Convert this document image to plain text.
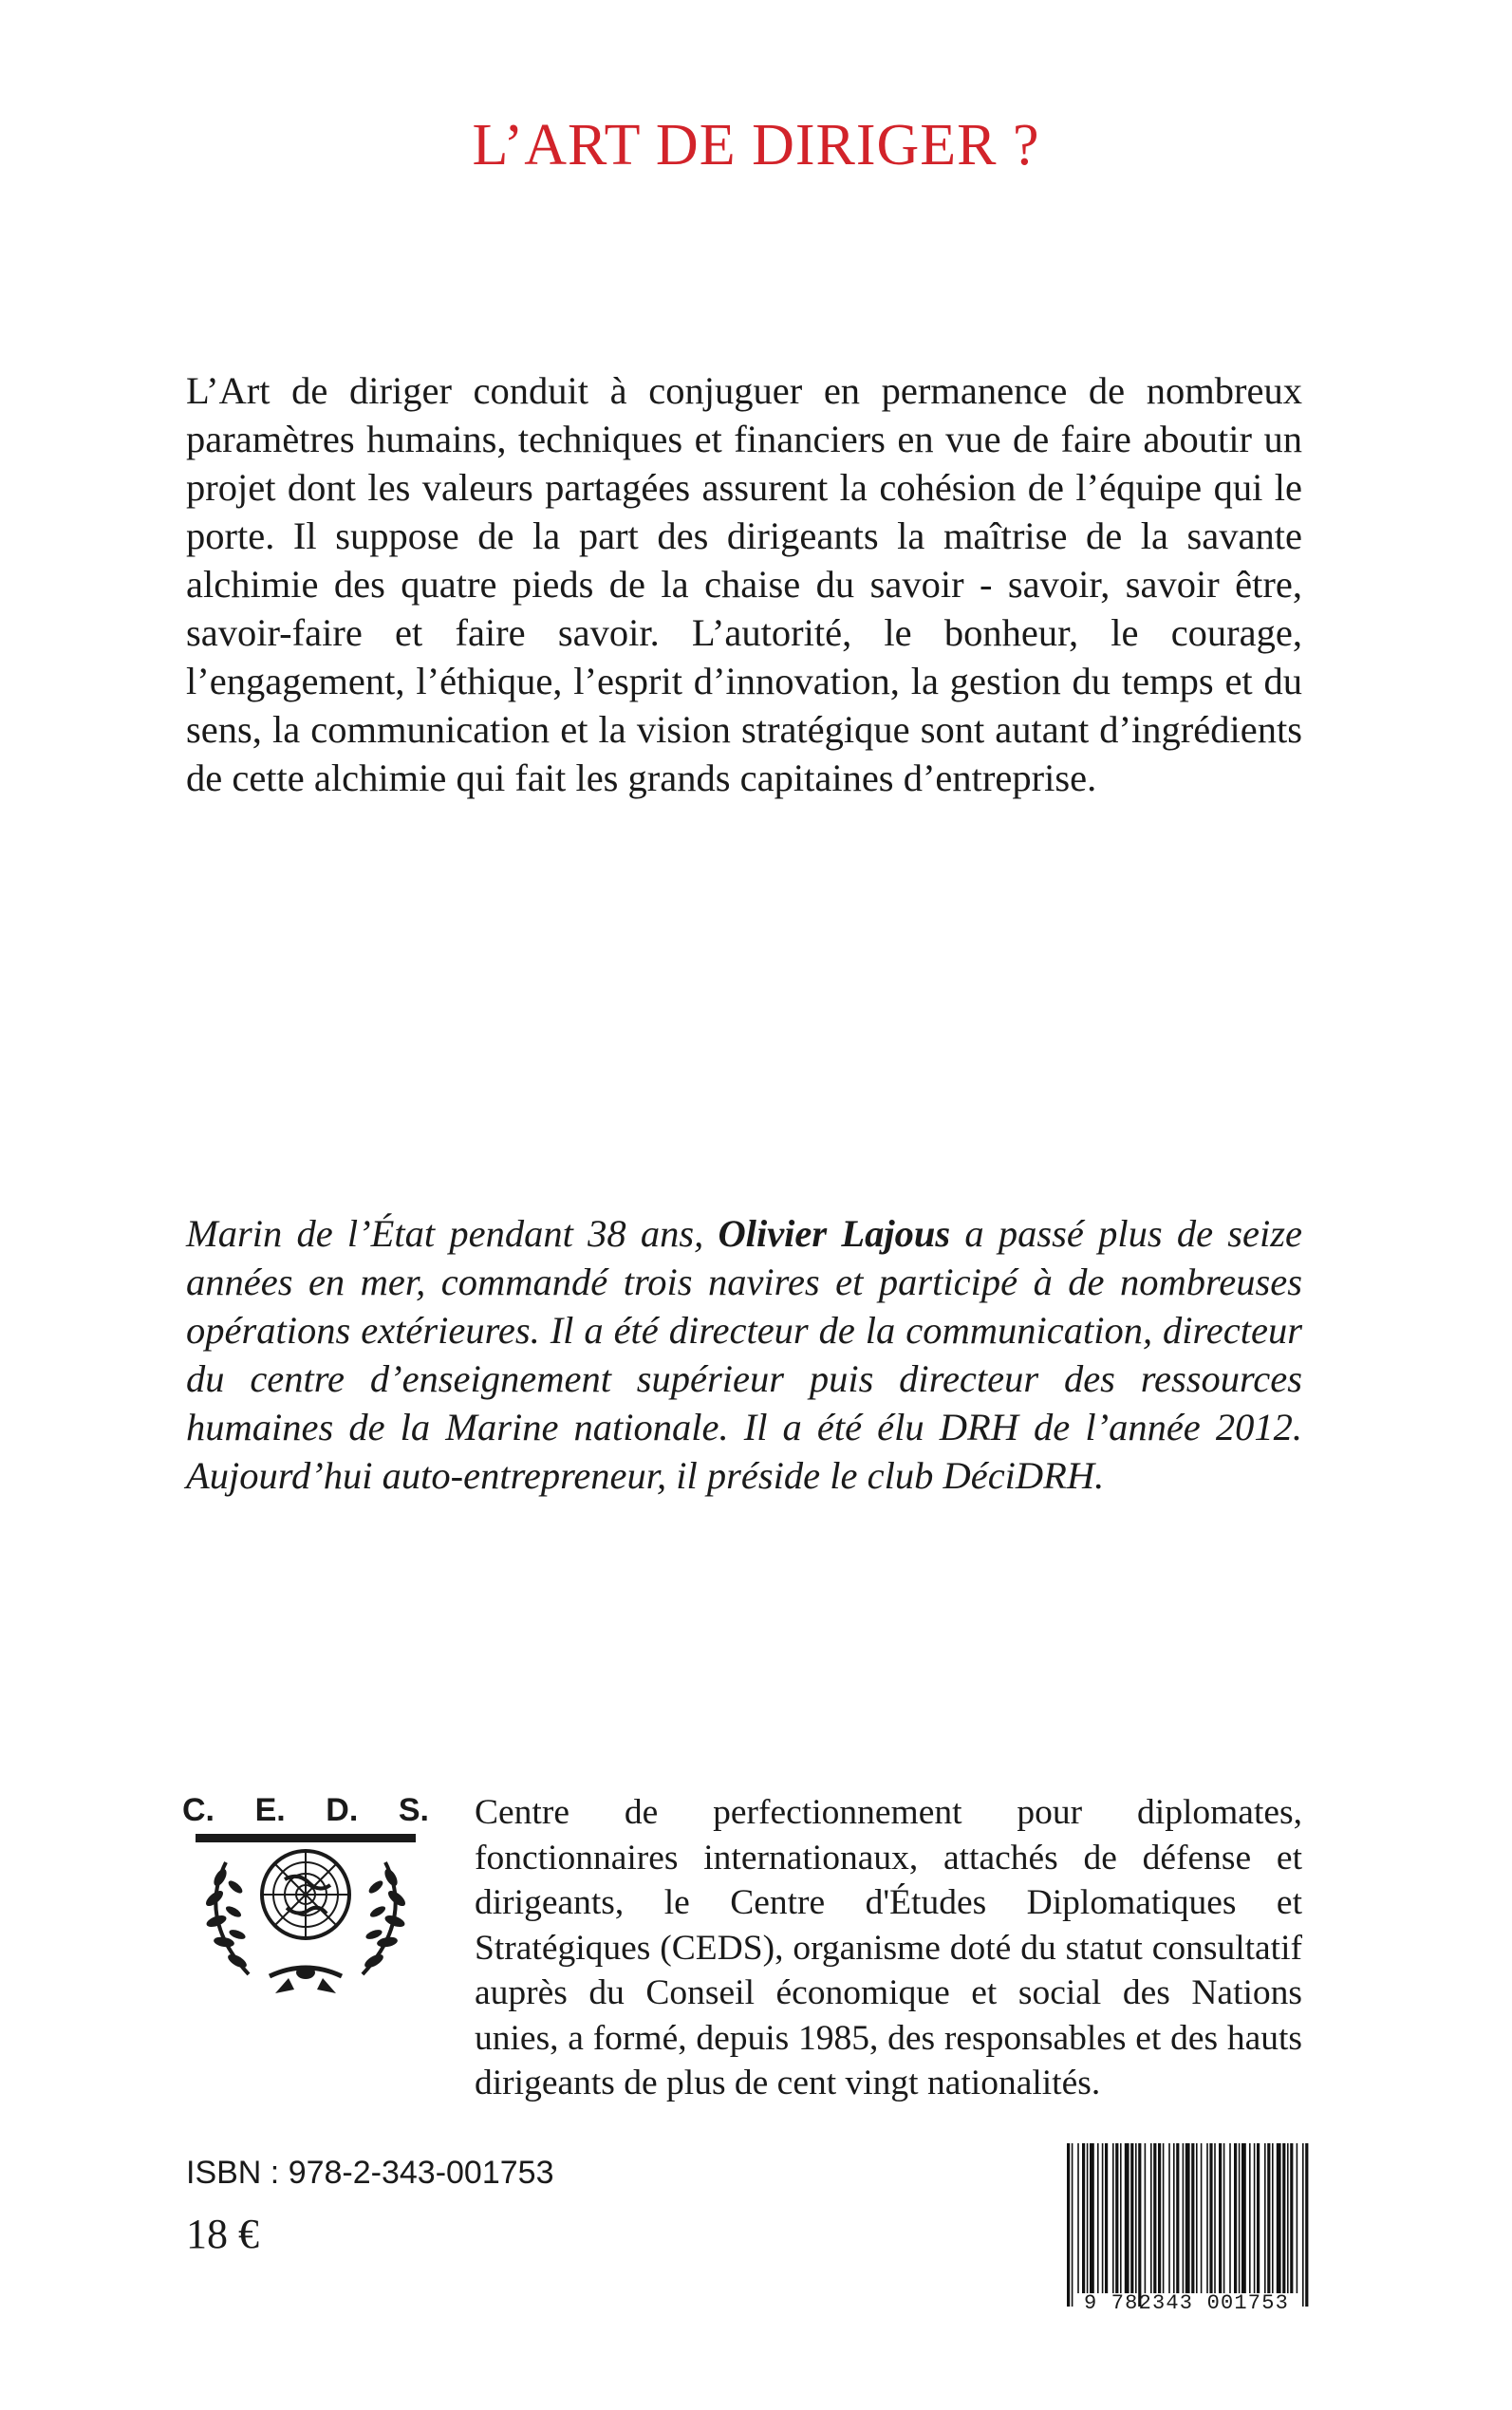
L’ART DE DIRIGER ?

L’Art de diriger conduit à conjuguer en permanence de nombreux paramètres humains, techniques et financiers en vue de faire aboutir un projet dont les valeurs partagées assurent la cohésion de l’équipe qui le porte. Il suppose de la part des dirigeants la maîtrise de la savante alchimie des quatre pieds de la chaise du savoir - savoir, savoir être, savoir-faire et faire savoir. L’autorité, le bonheur, le courage, l’engagement, l’éthique, l’esprit d’innovation, la gestion du temps et du sens, la communication et la vision stratégique sont autant d’ingrédients de cette alchimie qui fait les grands capitaines d’entreprise.

Marin de l’État pendant 38 ans, Olivier Lajous a passé plus de seize années en mer, commandé trois navires et participé à de nombreuses opérations extérieures. Il a été directeur de la communication, directeur du centre d’enseignement supérieur puis directeur des ressources humaines de la Marine nationale. Il a été élu DRH de l’année 2012. Aujourd’hui auto-entrepreneur, il préside le club DéciDRH.

C. E. D. S. Centre de perfectionnement pour diplomates, fonctionnaires internationaux, attachés de défense et dirigeants, le Centre d'Études Diplomatiques et Stratégiques (CEDS), organisme doté du statut consultatif auprès du Conseil économique et social des Nations unies, a formé, depuis 1985, des responsables et des hauts dirigeants de plus de cent vingt nationalités.

ISBN : 978-2-343-001753

18 €

9 782343 001753
